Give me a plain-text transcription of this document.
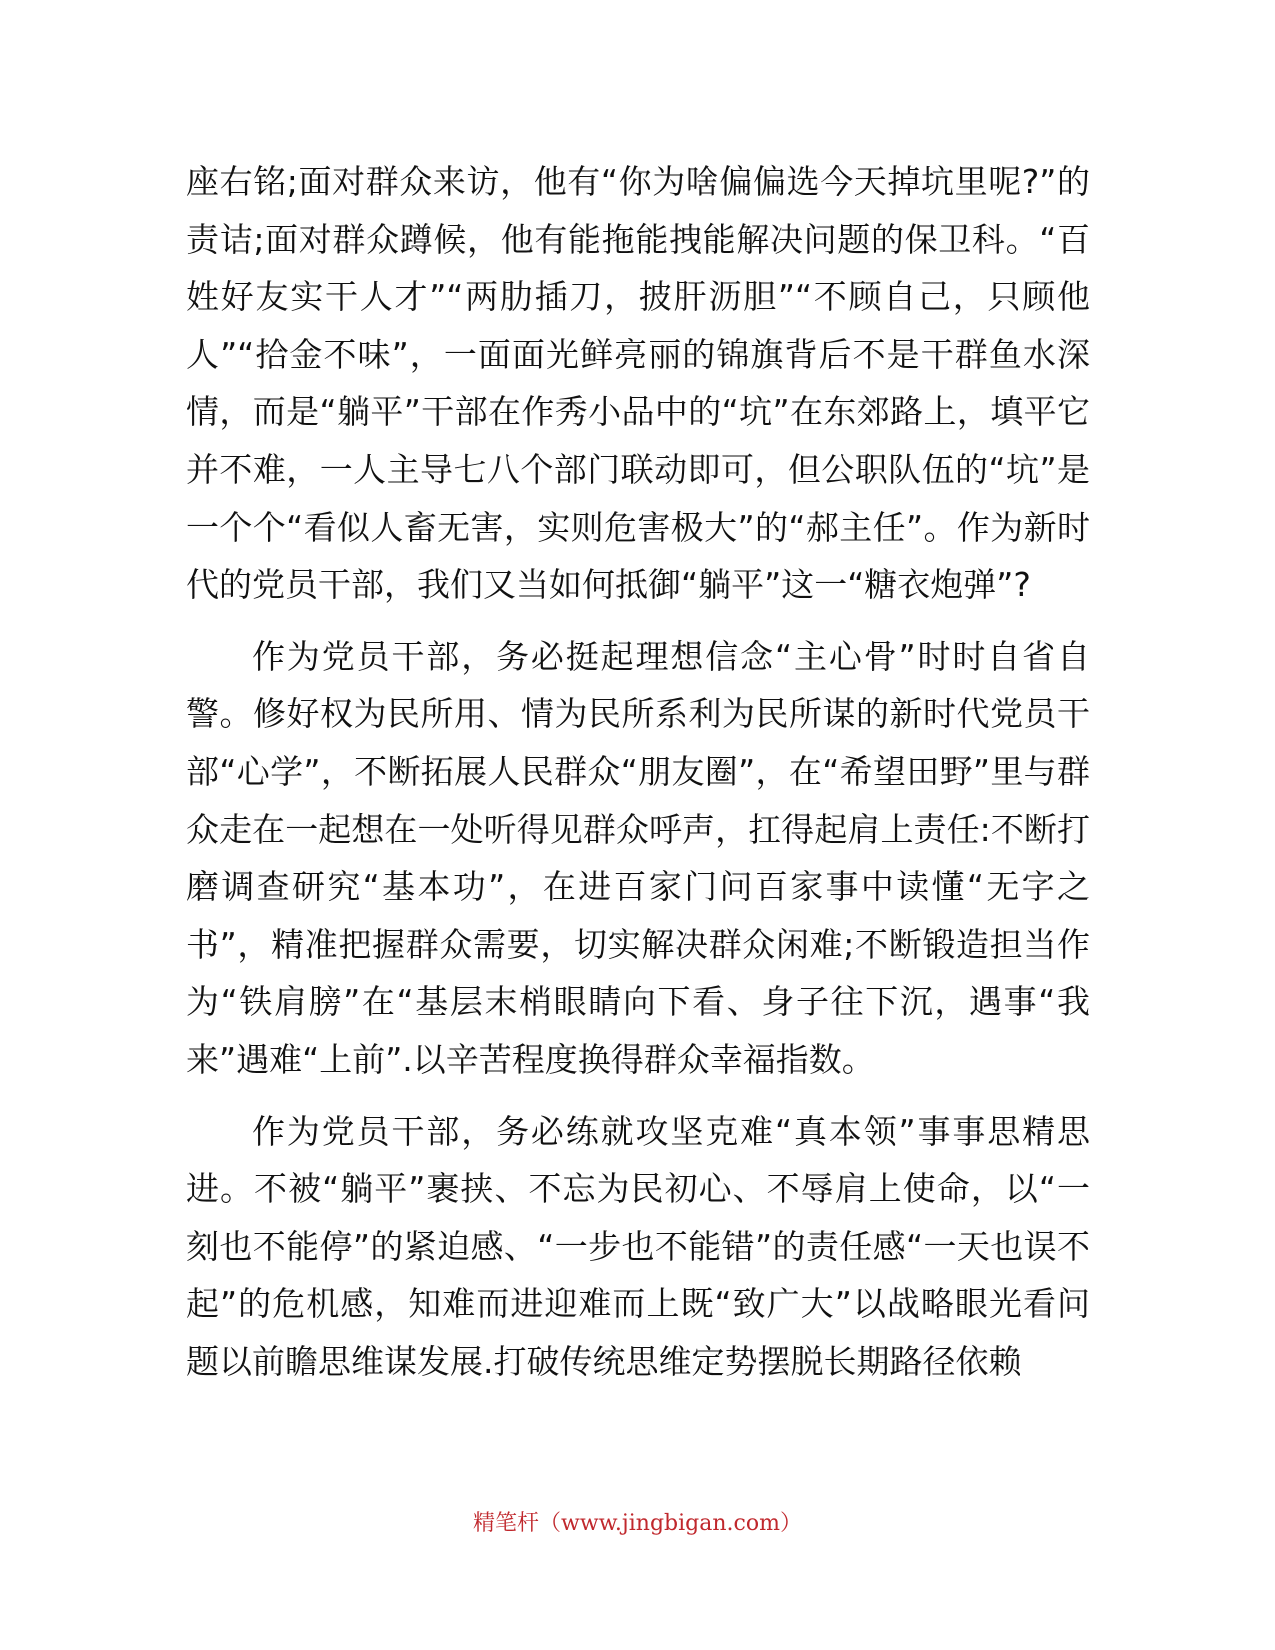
座右铭;面对群众来访，他有“你为啥偏偏选今天掉坑里呢?”的责诘;面对群众蹲候，他有能拖能拽能解决问题的保卫科。“百姓好友实干人才”“两肋插刀，披肝沥胆”“不顾自己，只顾他人”“拾金不味”，一面面光鲜亮丽的锦旗背后不是干群鱼水深情，而是“躺平”干部在作秀小品中的“坑”在东郊路上，填平它并不难，一人主导七八个部门联动即可，但公职队伍的“坑”是一个个“看似人畜无害，实则危害极大”的“郝主任”。作为新时代的党员干部，我们又当如何抵御“躺平”这一“糖衣炮弹”?

作为党员干部，务必挺起理想信念“主心骨”时时自省自警。修好权为民所用、情为民所系利为民所谋的新时代党员干部“心学”，不断拓展人民群众“朋友圈”，在“希望田野”里与群众走在一起想在一处听得见群众呼声，扛得起肩上责任:不断打磨调查研究“基本功”，在进百家门问百家事中读懂“无字之书”，精准把握群众需要，切实解决群众闲难;不断锻造担当作为“铁肩膀”在“基层末梢眼睛向下看、身子往下沉，遇事“我来”遇难“上前”.以辛苦程度换得群众幸福指数。

作为党员干部，务必练就攻坚克难“真本领”事事思精思进。不被“躺平”裹挟、不忘为民初心、不辱肩上使命，以“一刻也不能停”的紧迫感、“一步也不能错”的责任感“一天也误不起”的危机感，知难而进迎难而上既“致广大”以战略眼光看问题以前瞻思维谋发展.打破传统思维定势摆脱长期路径依赖

精笔杆（www.jingbigan.com）
